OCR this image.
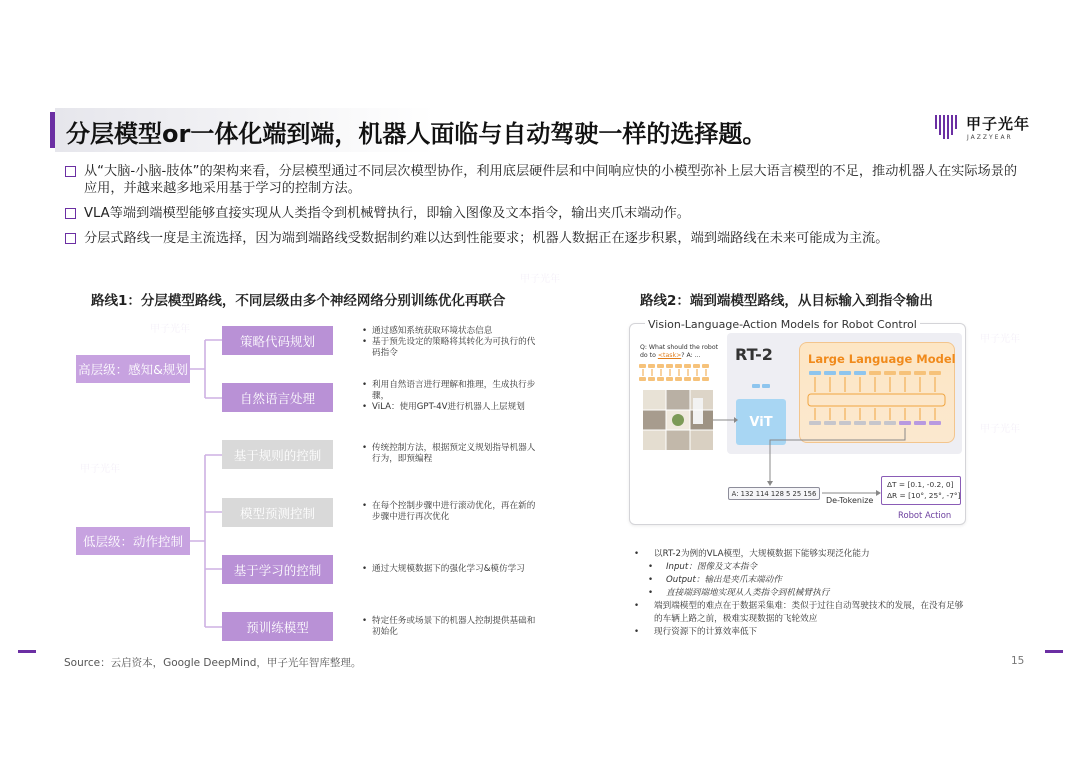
甲子光年
甲子光年
甲子光年
甲子光年
甲子光年
分层模型or一体化端到端，机器人面临与自动驾驶一样的选择题。	甲子光年
JAZZYEAR
从“大脑-小脑-肢体”的架构来看，分层模型通过不同层次模型协作，利用底层硬件层和中间响应快的小模型弥补上层大语言模型的不足，推动机器人在实际场景的应用，并越来越多地采用基于学习的控制方法。
VLA等端到端模型能够直接实现从人类指令到机械臂执行，即输入图像及文本指令，输出夹爪末端动作。
分层式路线一度是主流选择，因为端到端路线受数据制约难以达到性能要求；机器人数据正在逐步积累，端到端路线在未来可能成为主流。
路线1：分层模型路线，不同层级由多个神经网络分别训练优化再联合	路线2：端到端模型路线，从目标输入到指令输出
高层级：感知&规划
低层级：动作控制
策略代码规划
自然语言处理
基于规则的控制
模型预测控制
基于学习的控制
预训练模型
• 通过感知系统获取环境状态信息
• 基于预先设定的策略将其转化为可执行的代码指令
• 利用自然语言进行理解和推理，生成执行步骤，
• ViLA：使用GPT-4V进行机器人上层规划
• 传统控制方法，根据预定义规划指导机器人行为，即预编程
• 在每个控制步骤中进行滚动优化，再在新的步骤中进行再次优化
• 通过大规模数据下的强化学习&模仿学习
• 特定任务或场景下的机器人控制提供基础和初始化
Vision-Language-Action Models for Robot Control
RT-2	Large Language Model
ViT
Q: What should the robot
do to <task>? A: ...
A: 132 114 128 5 25 156
De-Tokenize
ΔT = [0.1, -0.2, 0]
ΔR = [10°, 25°, -7°]
Robot Action
• 以RT-2为例的VLA模型，大规模数据下能够实现泛化能力
• Input：图像及文本指令
• Output：输出是夹爪末端动作
• 直接端到端地实现从人类指令到机械臂执行
• 端到端模型的难点在于数据采集难：类似于过往自动驾驶技术的发展，在没有足够的车辆上路之前，极难实现数据的飞轮效应
• 现行资源下的计算效率低下
Source：云启资本，Google DeepMind，甲子光年智库整理。	15
